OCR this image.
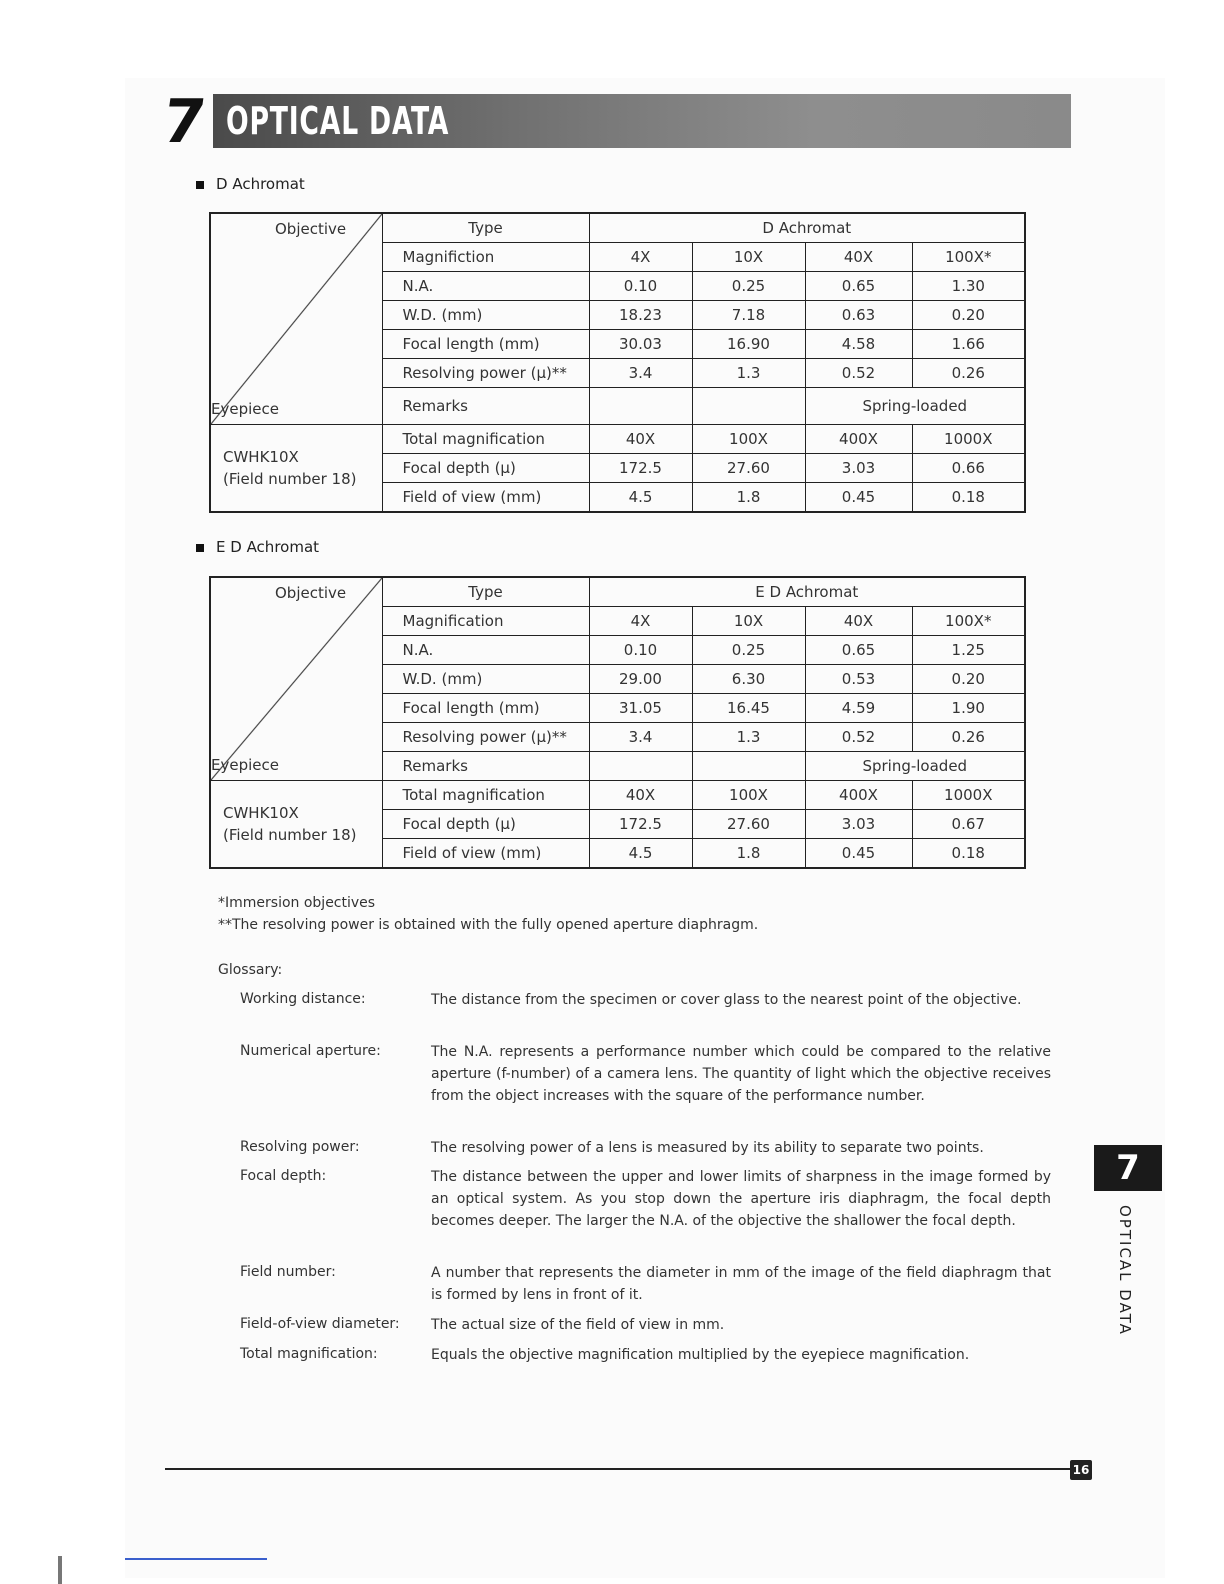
7 OPTICAL DATA
D Achromat
Objective
Eyepiece	Type	D Achromat			
	Magnifiction	4X	10X	40X	100X*
	N.A.	0.10	0.25	0.65	1.30
	W.D. (mm)	18.23	7.18	0.63	0.20
	Focal length (mm)	30.03	16.90	4.58	1.66
	Resolving power (μ)**	3.4	1.3	0.52	0.26
	Remarks			Spring-loaded	

CWHK10X
(Field number 18)	Total magnification	40X	100X	400X	1000X
	Focal depth (μ)	172.5	27.60	3.03	0.66
	Field of view (mm)	4.5	1.8	0.45	0.18
E D Achromat
Objective
Eyepiece	Type	E D Achromat			
	Magnification	4X	10X	40X	100X*
	N.A.	0.10	0.25	0.65	1.25
	W.D. (mm)	29.00	6.30	0.53	0.20
	Focal length (mm)	31.05	16.45	4.59	1.90
	Resolving power (μ)**	3.4	1.3	0.52	0.26
	Remarks			Spring-loaded	

CWHK10X
(Field number 18)	Total magnification	40X	100X	400X	1000X
	Focal depth (μ)	172.5	27.60	3.03	0.67
	Field of view (mm)	4.5	1.8	0.45	0.18
*Immersion objectives
**The resolving power is obtained with the fully opened aperture diaphragm.
Glossary:
Working distance:	The distance from the specimen or cover glass to the nearest point of the objective.
Numerical aperture:	The N.A. represents a performance number which could be compared to the relative aperture (f-number) of a camera lens. The quantity of light which the objective receives from the object increases with the square of the performance number.
Resolving power:	The resolving power of a lens is measured by its ability to separate two points.
Focal depth:	The distance between the upper and lower limits of sharpness in the image formed by an optical system. As you stop down the aperture iris diaphragm, the focal depth becomes deeper. The larger the N.A. of the objective the shallower the focal depth.
Field number:	A number that represents the diameter in mm of the image of the field diaphragm that is formed by lens in front of it.
Field-of-view diameter: The actual size of the field of view in mm.
Total magnification:	Equals the objective magnification multiplied by the eyepiece magnification.
7
OPTICAL DATA
16
